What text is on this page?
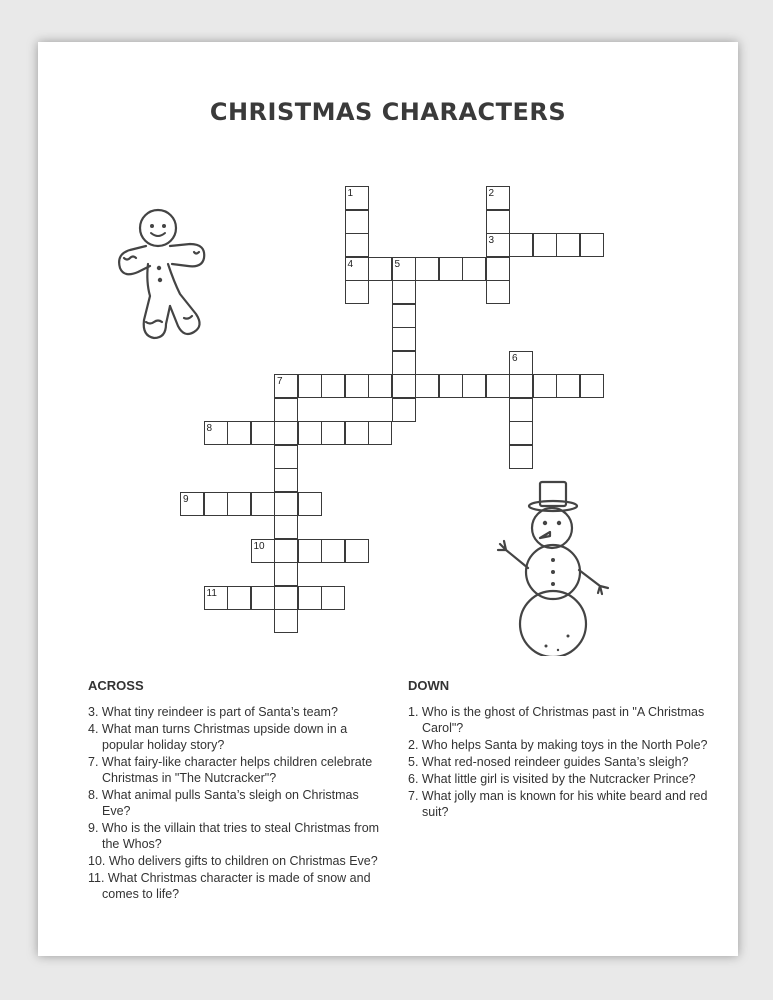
CHRISTMAS CHARACTERS
1	2
3
4	5
6
7
8
9
10
11
ACROSS
3. What tiny reindeer is part of Santa’s team?
4. What man turns Christmas upside down in a popular holiday story?
7. What fairy-like character helps children celebrate Christmas in "The Nutcracker"?
8. What animal pulls Santa’s sleigh on Christmas Eve?
9. Who is the villain that tries to steal Christmas from the Whos?
10. Who delivers gifts to children on Christmas Eve?
11. What Christmas character is made of snow and comes to life?
DOWN
1. Who is the ghost of Christmas past in "A Christmas Carol"?
2. Who helps Santa by making toys in the North Pole?
5. What red-nosed reindeer guides Santa’s sleigh?
6. What little girl is visited by the Nutcracker Prince?
7. What jolly man is known for his white beard and red suit?
